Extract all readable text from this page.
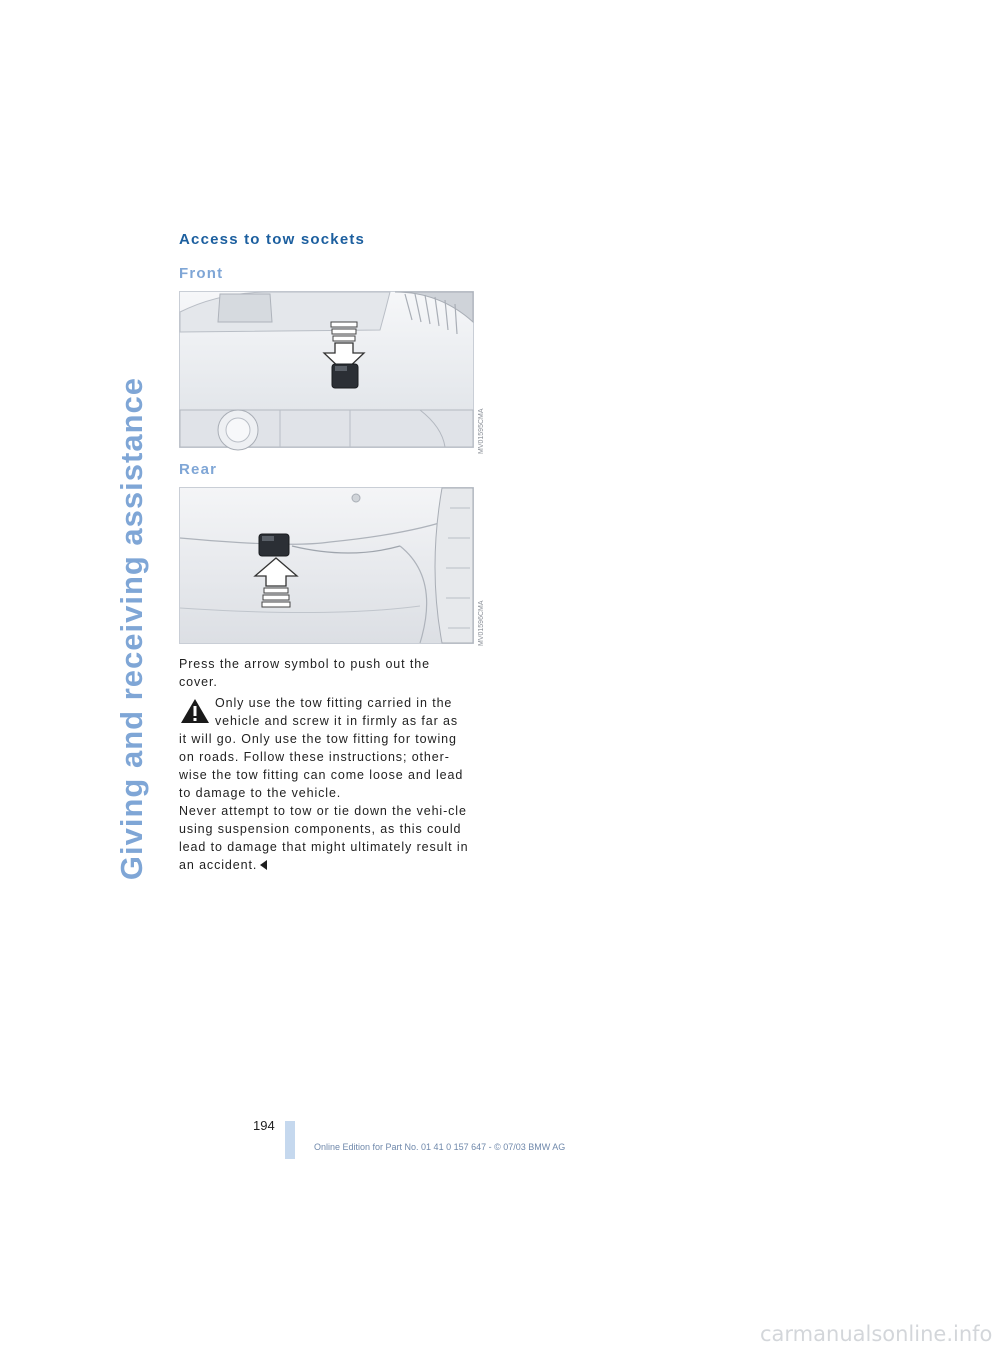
Giving and receiving assistance
Access to tow sockets
Front
MV01595CMA
Rear
MV01596CMA
Press the arrow symbol to push out the cover.

Only use the tow fitting carried in the
vehicle and screw it in firmly as far as
it will go. Only use the tow fitting for towing on roads. Follow these instructions; other-wise the tow fitting can come loose and lead to damage to the vehicle.
Never attempt to tow or tie down the vehi-cle using suspension components, as this could lead to damage that might ultimately result in an accident.

194
Online Edition for Part No. 01 41 0 157 647 - © 07/03 BMW AG
carmanualsonline.info
